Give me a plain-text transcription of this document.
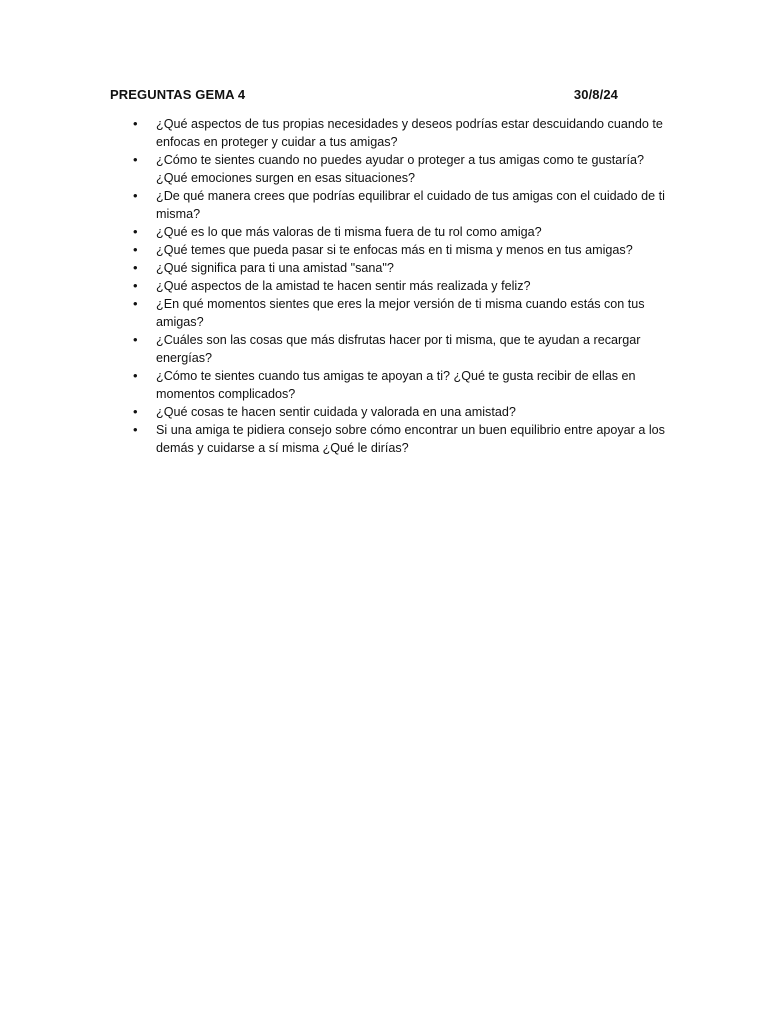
PREGUNTAS GEMA 4	30/8/24
• ¿Qué aspectos de tus propias necesidades y deseos podrías estar descuidando cuando te enfocas en proteger y cuidar a tus amigas?
• ¿Cómo te sientes cuando no puedes ayudar o proteger a tus amigas como te gustaría? ¿Qué emociones surgen en esas situaciones?
• ¿De qué manera crees que podrías equilibrar el cuidado de tus amigas con el cuidado de ti misma?
• ¿Qué es lo que más valoras de ti misma fuera de tu rol como amiga?
• ¿Qué temes que pueda pasar si te enfocas más en ti misma y menos en tus amigas?
• ¿Qué significa para ti una amistad "sana"?
• ¿Qué aspectos de la amistad te hacen sentir más realizada y feliz?
• ¿En qué momentos sientes que eres la mejor versión de ti misma cuando estás con tus amigas?
• ¿Cuáles son las cosas que más disfrutas hacer por ti misma, que te ayudan a recargar energías?
• ¿Cómo te sientes cuando tus amigas te apoyan a ti? ¿Qué te gusta recibir de ellas en momentos complicados?
• ¿Qué cosas te hacen sentir cuidada y valorada en una amistad?
• Si una amiga te pidiera consejo sobre cómo encontrar un buen equilibrio entre apoyar a los demás y cuidarse a sí misma ¿Qué le dirías?
